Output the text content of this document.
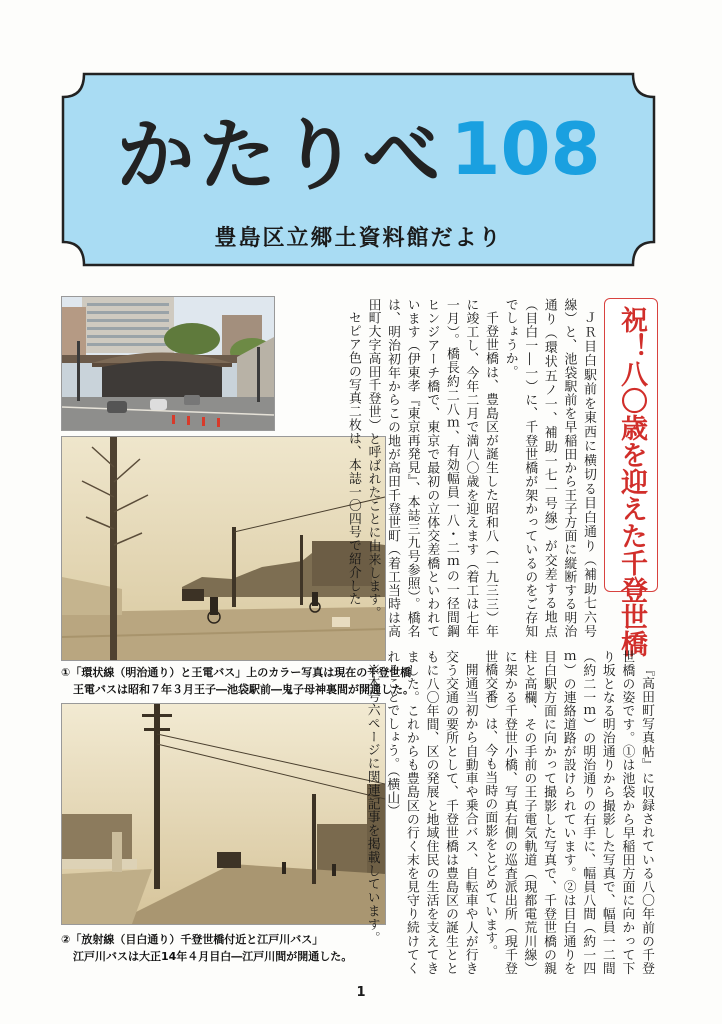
かたりべ108
豊島区立郷土資料館だより
①「環状線（明治通り）と王電バス」上のカラー写真は現在の千登世橋
王電バスは昭和７年３月王子―池袋駅前―鬼子母神裏間が開通した。
②「放射線（目白通り）千登世橋付近と江戸川バス」
江戸川バスは大正14年４月目白―江戸川間が開通した。
祝！八〇歳を迎えた千登世橋

ＪＲ目白駅前を東西に横切る目白通り（補助七六号線）と、池袋駅前を早稲田から王子方面に縦断する明治通り（環状五ノ一、補助一七一号線）が交差する地点（目白一―一）に、千登世橋が架かっているのをご存知でしょうか。

千登世橋は、豊島区が誕生した昭和八（一九三三）年に竣工し、今年二月で満八〇歳を迎えます（着工は七年一月）。橋長約二八ｍ、有効幅員一八・二ｍの一径間鋼ヒンジアーチ橋で、東京で最初の立体交差橋といわれています（伊東孝『東京再発見』、本誌三九号参照）。橋名は、明治初年からこの地が高田千登世町（着工当時は高田町大字高田千登世）と呼ばれたことに由来します。

セピア色の写真二枚は、本誌一〇四号で紹介した

『高田町写真帖』に収録されている八〇年前の千登世橋の姿です。①は池袋から早稲田方面に向かって下り坂となる明治通りから撮影した写真で、幅員一二間（約二一ｍ）の明治通りの右手に、幅員八間（約一四ｍ）の連絡道路が設けられています。②は目白通りを目白駅方面に向かって撮影した写真で、千登世橋の親柱と高欄、その手前の王子電気軌道（現都電荒川線）に架かる千登世小橋、写真右側の巡査派出所（現千登世橋交番）は、今も当時の面影をとどめています。

開通当初から自動車や乗合バス、自転車や人が行き交う交通の要所として、千登世橋は豊島区の誕生とともに八〇年間、区の発展と地域住民の生活を支えてきました。これからも豊島区の行く末を見守り続けてくれることでしょう。（横山）

※本号六ページに関連記事を掲載しています。

1
